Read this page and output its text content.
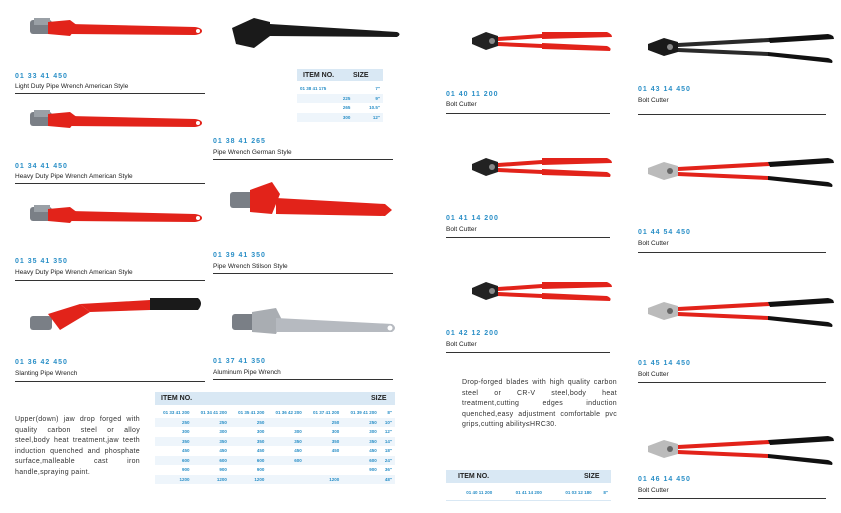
01 33 41 450
Light Duty Pipe Wrench American Style
01 34 41 450
Heavy Duty Pipe Wrench American Style
01 35 41 350
Heavy Duty Pipe Wrench American Style
01 36 42 450
Slanting Pipe Wrench
ITEM NO.	SIZE
01 38 41 175	7"
225	9"
265	10.5"
300	12"
01 38 41 265
Pipe Wrench German Style
01 39 41 350
Pipe Wrench Stilson Style
01 37 41 350
Aluminum Pipe Wrench
Upper(down) jaw drop forged with quality carbon steel or alloy steel,body heat treatment,jaw teeth induction quenched and phosphate surface,malleable cast iron handle,spraying paint.
ITEM NO.	SIZE
01 33 41 200	01 34 41 200	01 35 41 200	01 36 42 200	01 37 41 200	01 39 41 200	8"
250	250	250		250	250	10"
300	300	300	300	300	300	12"
350	350	350	350	350	350	14"
450	450	450	450	450	450	18"
600	600	600	600		600	24"
900	900	900			900	36"
1200	1200	1200		1200		48"
01 40 11 200
Bolt Cutter
01 41 14 200
Bolt Cutter
01 42 12 200
Bolt Cutter
01 43 14 450
Bolt Cutter
01 44 54 450
Bolt Cutter
01 45 14 450
Bolt Cutter
01 46 14 450
Bolt Cutter
Drop-forged blades with high quality carbon steel or CR-V steel,body heat treatment,cutting edges induction quenched,easy adjustment comfortable pvc grips,cutting ability≤HRC30.
ITEM NO.	SIZE
01 40 11 200	01 41 14 200	01 03 12 180	8"
